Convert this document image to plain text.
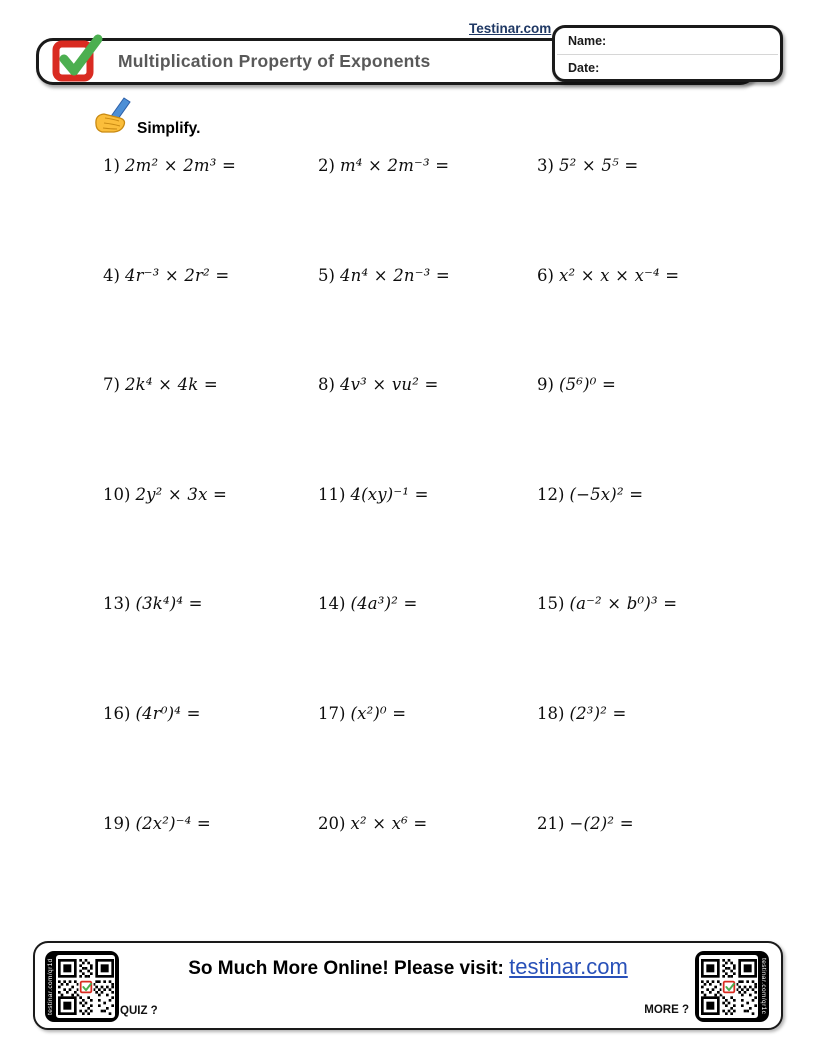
Testinar.com
Multiplication Property of Exponents
Name:
Date:
Simplify.
1) 2m² × 2m³ =	2) m⁴ × 2m⁻³ =	3) 5² × 5⁵ =
4) 4r⁻³ × 2r² =	5) 4n⁴ × 2n⁻³ =	6) x² × x × x⁻⁴ =
7) 2k⁴ × 4k =	8) 4v³ × vu² =	9) (5⁶)⁰ =
10) 2y² × 3x =	11) 4(xy)⁻¹ =	12) (−5x)² =
13) (3k⁴)⁴ =	14) (4a³)² =	15) (a⁻² × b⁰)³ =
16) (4r⁰)⁴ =	17) (x²)⁰ =	18) (2³)² =
19) (2x²)⁻⁴ =	20) x² × x⁶ =	21) −(2)² =
testinar.com/qr1d	So Much More Online! Please visit: testinar.com
QUIZ ?	MORE ?	testinar.com/qr1c
